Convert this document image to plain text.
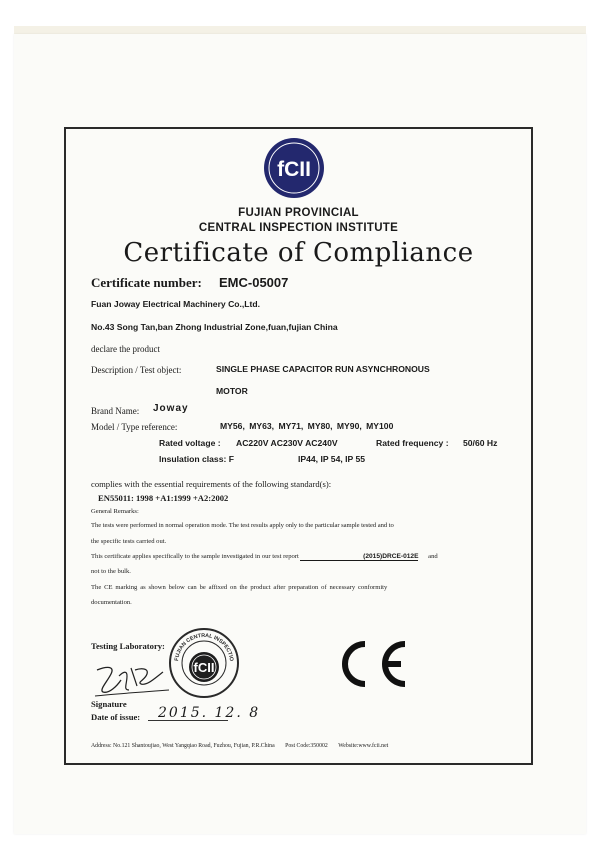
fCII
FUJIAN PROVINCIAL
CENTRAL INSPECTION INSTITUTE
Certificate of Compliance
Certificate number: EMC-05007
Fuan Joway Electrical Machinery Co.,Ltd.
No.43 Song Tan,ban Zhong Industrial Zone,fuan,fujian China
declare the product
Description / Test object:	SINGLE PHASE CAPACITOR RUN ASYNCHRONOUS
MOTOR
Brand Name: Joway
Model / Type reference:	MY56, MY63, MY71, MY80, MY90, MY100
Rated voltage : AC220V AC230V AC240V	Rated frequency : 50/60 Hz
Insulation class: F	IP44, IP 54, IP 55
complies with the essential requirements of the following standard(s):
EN55011: 1998 +A1:1999 +A2:2002
General Remarks:
The tests were performed in normal operation mode. The test results apply only to the particular sample tested and to
the specific tests carried out.
This certificate applies specifically to the sample investigated in our test report	(2015)DRCE-012E and
not to the bulk.
The CE marking as shown below can be affixed on the product after preparation of necessary conformity
documentation.
Testing Laboratory:
FUJIAN CENTRAL INSPECTIO
fCII
Signature
Date of issue: 2015. 12. 8
Address: No.121 Shantoujiao, West Yangqiao Road, Fuzhou, Fujian, P.R.China Post Code:350002 Website:www.fcii.net
